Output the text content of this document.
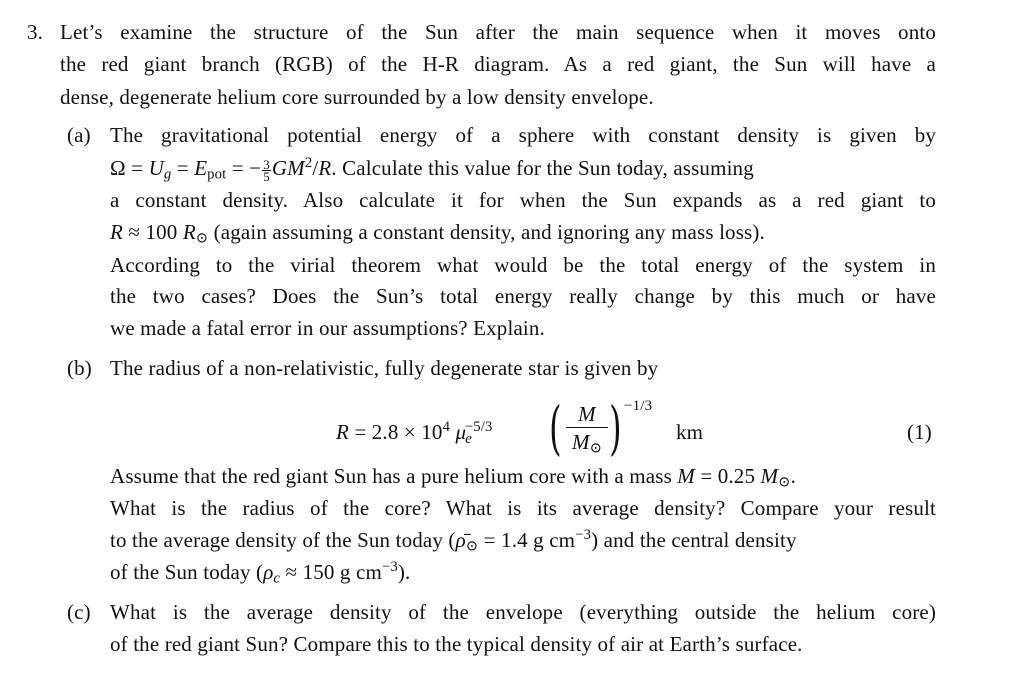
3. Let’s examine the structure of the Sun after the main sequence when it moves onto
the red giant branch (RGB) of the H-R diagram. As a red giant, the Sun will have a
dense, degenerate helium core surrounded by a low density envelope.
(a) The gravitational potential energy of a sphere with constant density is given by
$\Omega = U_g = E_{pot}$ = − $\frac{3}{5} GM^2/R$. Calculate this value for the Sun today, assuming
a constant density. Also calculate it for when the Sun expands as a red giant to
R ≈ 100 $R_⊙$ (again assuming a constant density, and ignoring any mass loss).
According to the virial theorem what would be the total energy of the system in
the two cases? Does the Sun’s total energy really change by this much or have
we made a fatal error in our assumptions? Explain.
(b) The radius of a non-relativistic, fully degenerate star is given by
$R = 2.8 \times 10^4$ $\mu_e^{-5/3}$ ( M
$M_⊙$ ) −1/3
km	(1)
Assume that the red giant Sun has a pure helium core with a mass M = 0.25 $M_⊙$.
What is the radius of the core? What is its average density? Compare your result
to the average density of the Sun today ($\rhō_⊙ = 1.4$ g $cm^{-3}$) and the central density
of the Sun today ($\rho_c \approx 150$ g $cm^{-3}$).
(c) What is the average density of the envelope (everything outside the helium core)
of the red giant Sun? Compare this to the typical density of air at Earth’s surface.
